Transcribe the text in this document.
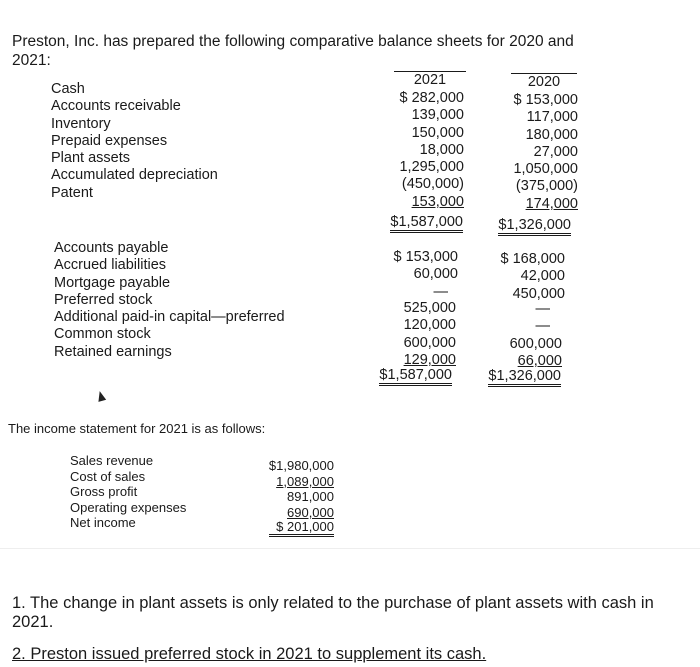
Preston, Inc. has prepared the following comparative balance sheets for 2020 and 2021:
Cash
Accounts receivable
Inventory
Prepaid expenses
Plant assets
Accumulated depreciation
Patent
2021	2020
$ 282,000
139,000
150,000
18,000
1,295,000
(450,000)
153,000
$1,587,000
$ 153,000
117,000
180,000
27,000
1,050,000
(375,000)
174,000
$1,326,000
Accounts payable
Accrued liabilities
Mortgage payable
Preferred stock
Additional paid-in capital—preferred
Common stock
Retained earnings
$ 153,000
60,000
—
525,000
120,000
600,000
129,000
$1,587,000
$ 168,000
42,000
450,000
—
—
600,000
66,000
$1,326,000
The income statement for 2021 is as follows:
Sales revenue
Cost of sales
Gross profit
Operating expenses
Net income
$1,980,000
1,089,000
891,000
690,000
$ 201,000
1. The change in plant assets is only related to the purchase of plant assets with cash in 2021.
2. Preston issued preferred stock in 2021 to supplement its cash.
